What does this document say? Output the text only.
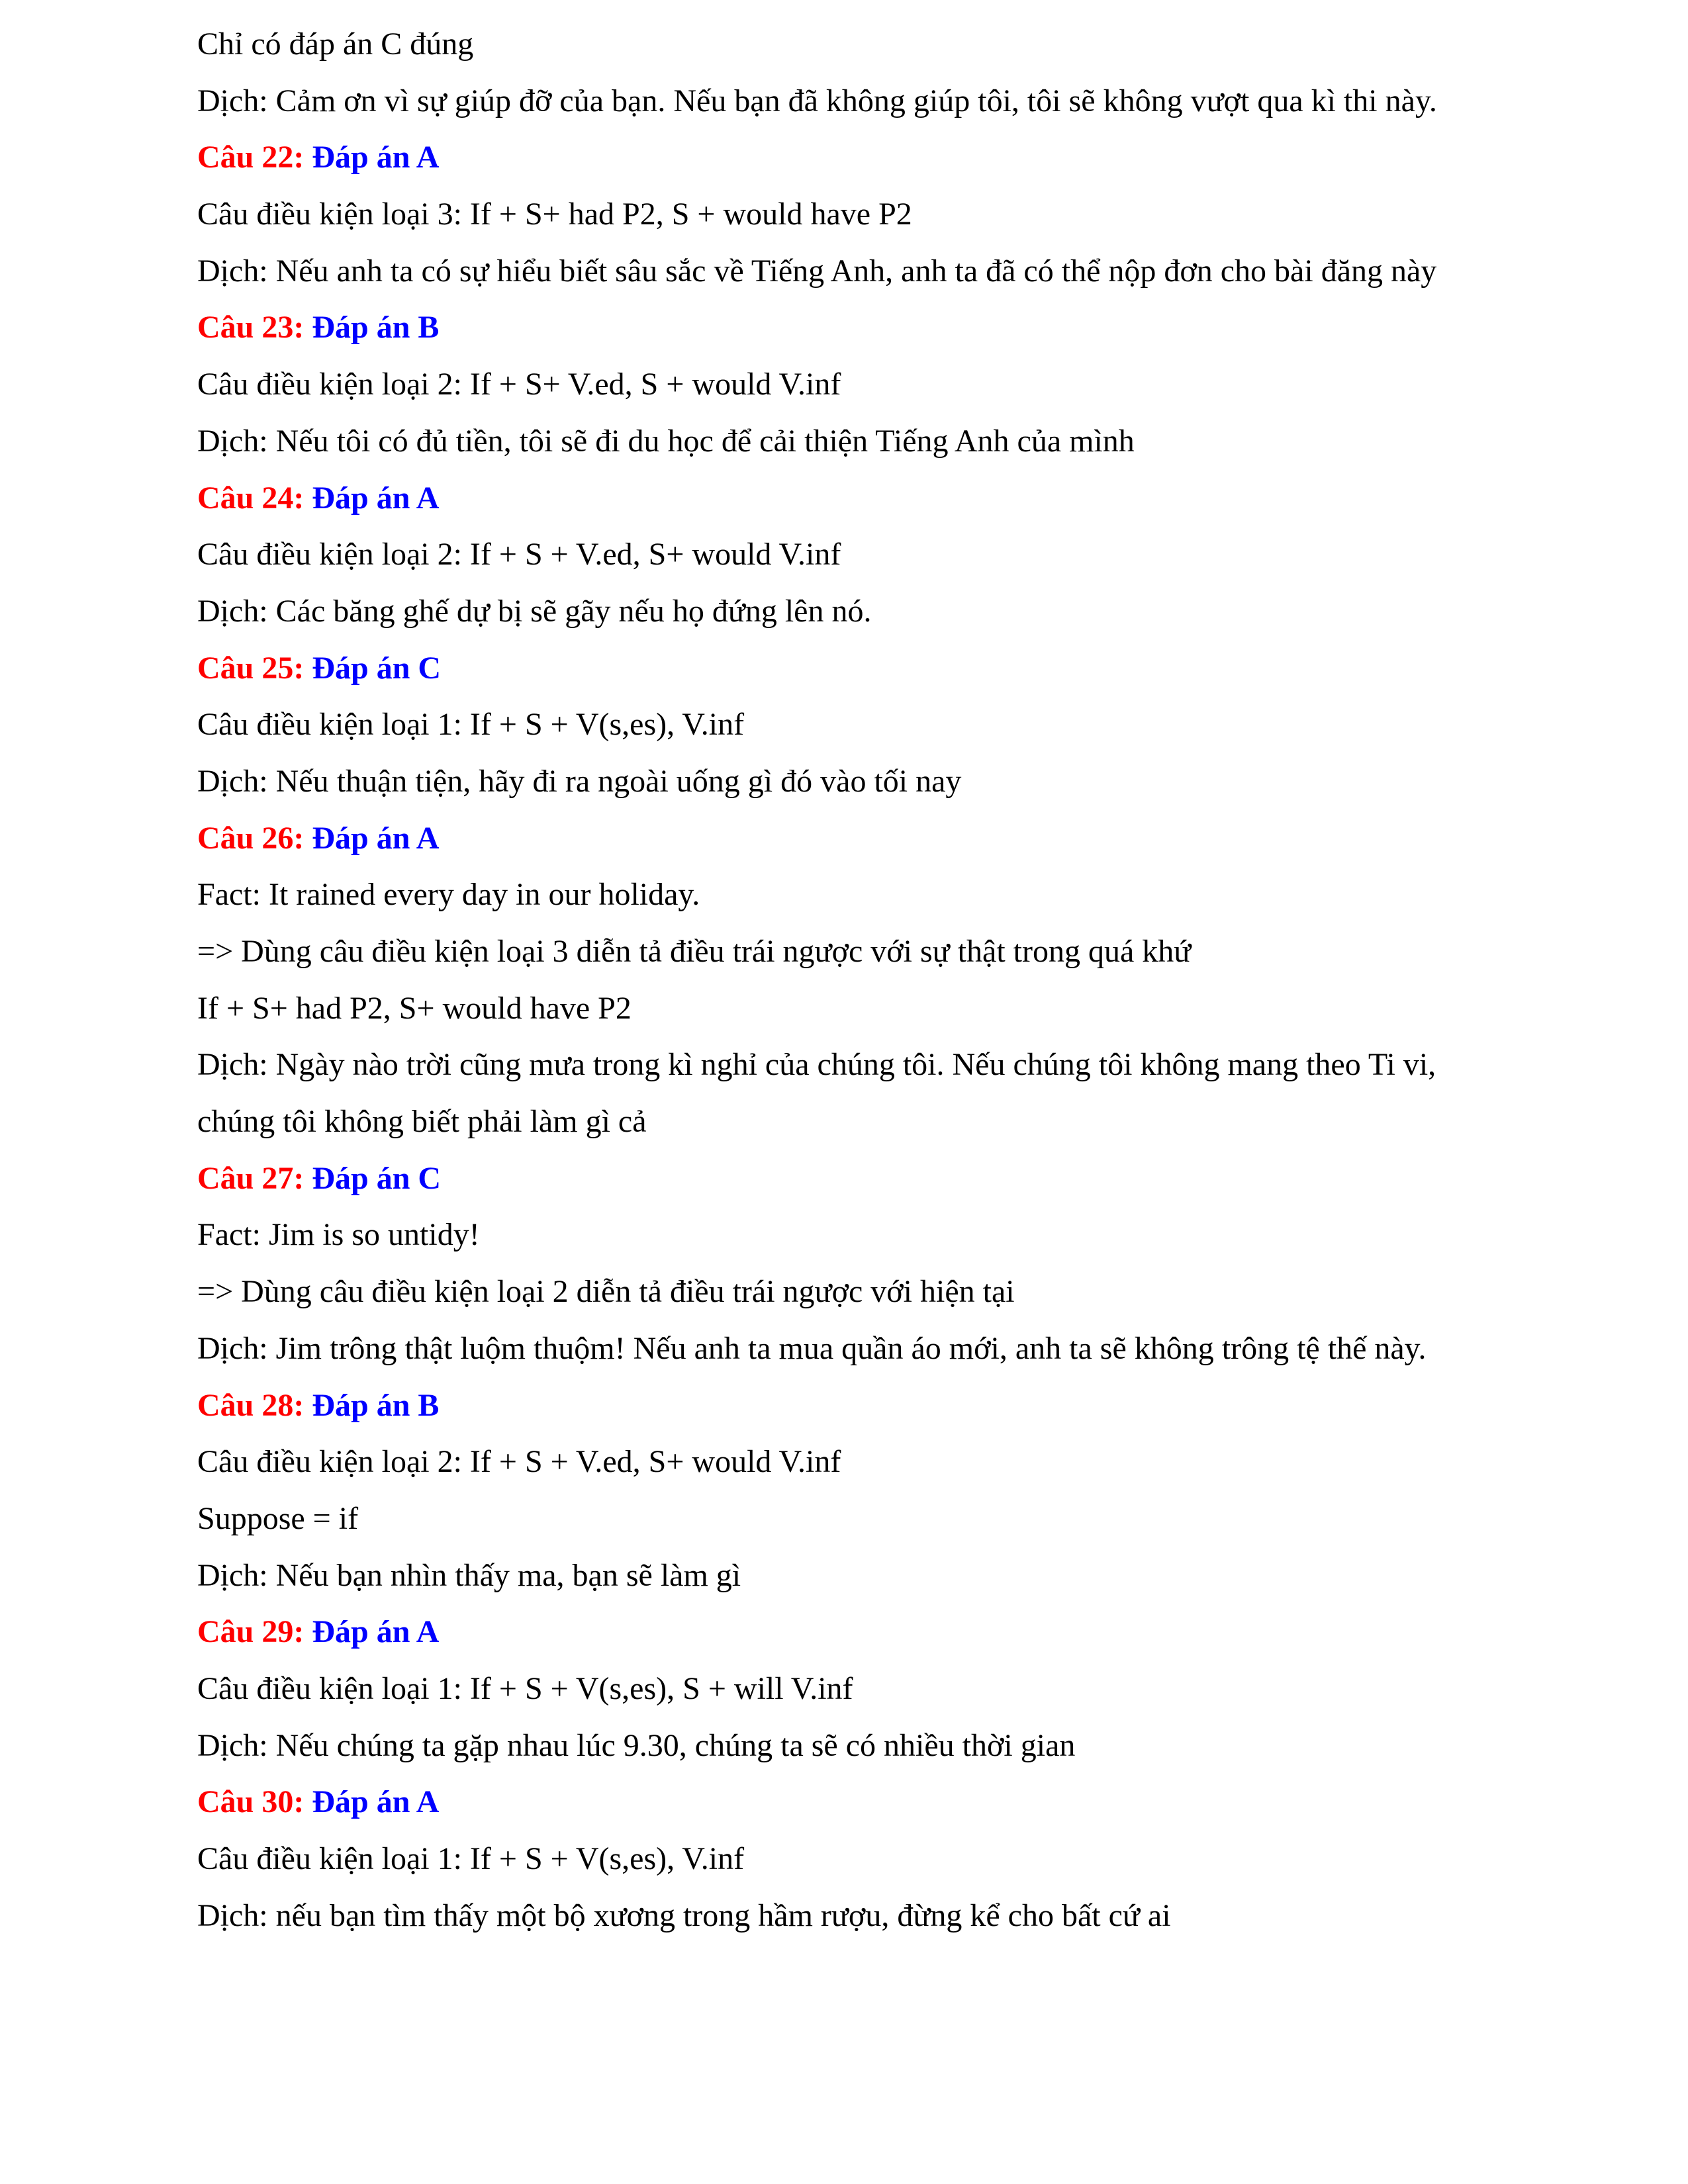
Chỉ có đáp án C đúng
Dịch: Cảm ơn vì sự giúp đỡ của bạn. Nếu bạn đã không giúp tôi, tôi sẽ không vượt qua kì thi này.
Câu 22: Đáp án A
Câu điều kiện loại 3: If + S+ had P2, S + would have P2
Dịch: Nếu anh ta có sự hiểu biết sâu sắc về Tiếng Anh, anh ta đã có thể nộp đơn cho bài đăng này
Câu 23: Đáp án B
Câu điều kiện loại 2: If + S+ V.ed, S + would V.inf
Dịch: Nếu tôi có đủ tiền, tôi sẽ đi du học để cải thiện Tiếng Anh của mình
Câu 24: Đáp án A
Câu điều kiện loại 2: If + S + V.ed, S+ would V.inf
Dịch: Các băng ghế dự bị sẽ gãy nếu họ đứng lên nó.
Câu 25: Đáp án C
Câu điều kiện loại 1: If + S + V(s,es), V.inf
Dịch: Nếu thuận tiện, hãy đi ra ngoài uống gì đó vào tối nay
Câu 26: Đáp án A
Fact: It rained every day in our holiday.
=> Dùng câu điều kiện loại 3 diễn tả điều trái ngược với sự thật trong quá khứ
If + S+ had P2, S+ would have P2
Dịch: Ngày nào trời cũng mưa trong kì nghỉ của chúng tôi. Nếu chúng tôi không mang theo Ti vi,
chúng tôi không biết phải làm gì cả
Câu 27: Đáp án C
Fact: Jim is so untidy!
=> Dùng câu điều kiện loại 2 diễn tả điều trái ngược với hiện tại
Dịch: Jim trông thật luộm thuộm! Nếu anh ta mua quần áo mới, anh ta sẽ không trông tệ thế này.
Câu 28: Đáp án B
Câu điều kiện loại 2: If + S + V.ed, S+ would V.inf
Suppose = if
Dịch: Nếu bạn nhìn thấy ma, bạn sẽ làm gì
Câu 29: Đáp án A
Câu điều kiện loại 1: If + S + V(s,es), S + will V.inf
Dịch: Nếu chúng ta gặp nhau lúc 9.30, chúng ta sẽ có nhiều thời gian
Câu 30: Đáp án A
Câu điều kiện loại 1: If + S + V(s,es), V.inf
Dịch: nếu bạn tìm thấy một bộ xương trong hầm rượu, đừng kể cho bất cứ ai
